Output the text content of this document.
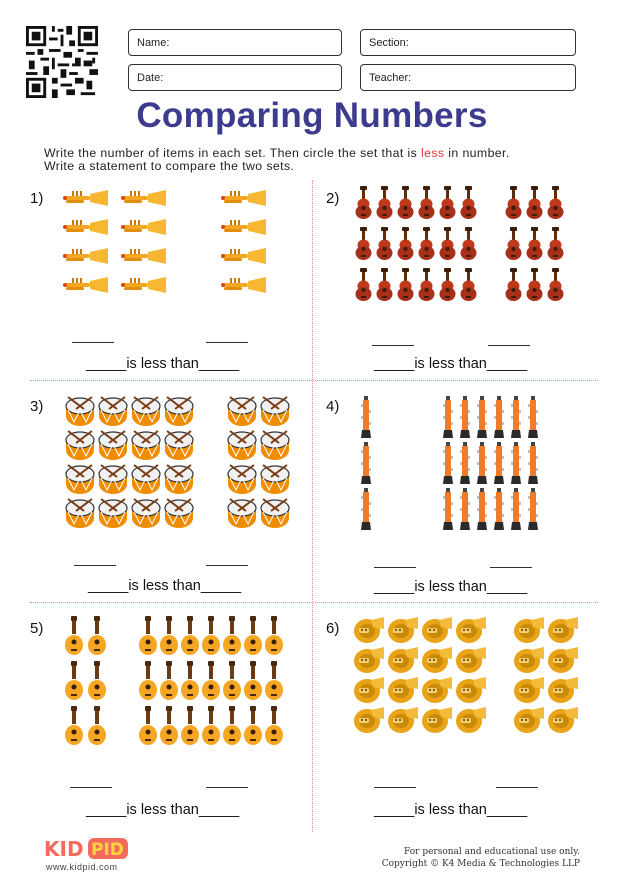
Name:	Section:
Date:	Teacher:
Comparing Numbers
Write the number of items in each set. Then circle the set that is less in number.
Write a statement to compare the two sets.
1)
_____is less than_____
2)
_____is less than_____
3)
_____is less than_____
4)
_____is less than_____
5)
_____is less than_____
6)
_____is less than_____
KID PID
www.kidpid.com
For personal and educational use only.
Copyright © K4 Media & Technologies LLP
